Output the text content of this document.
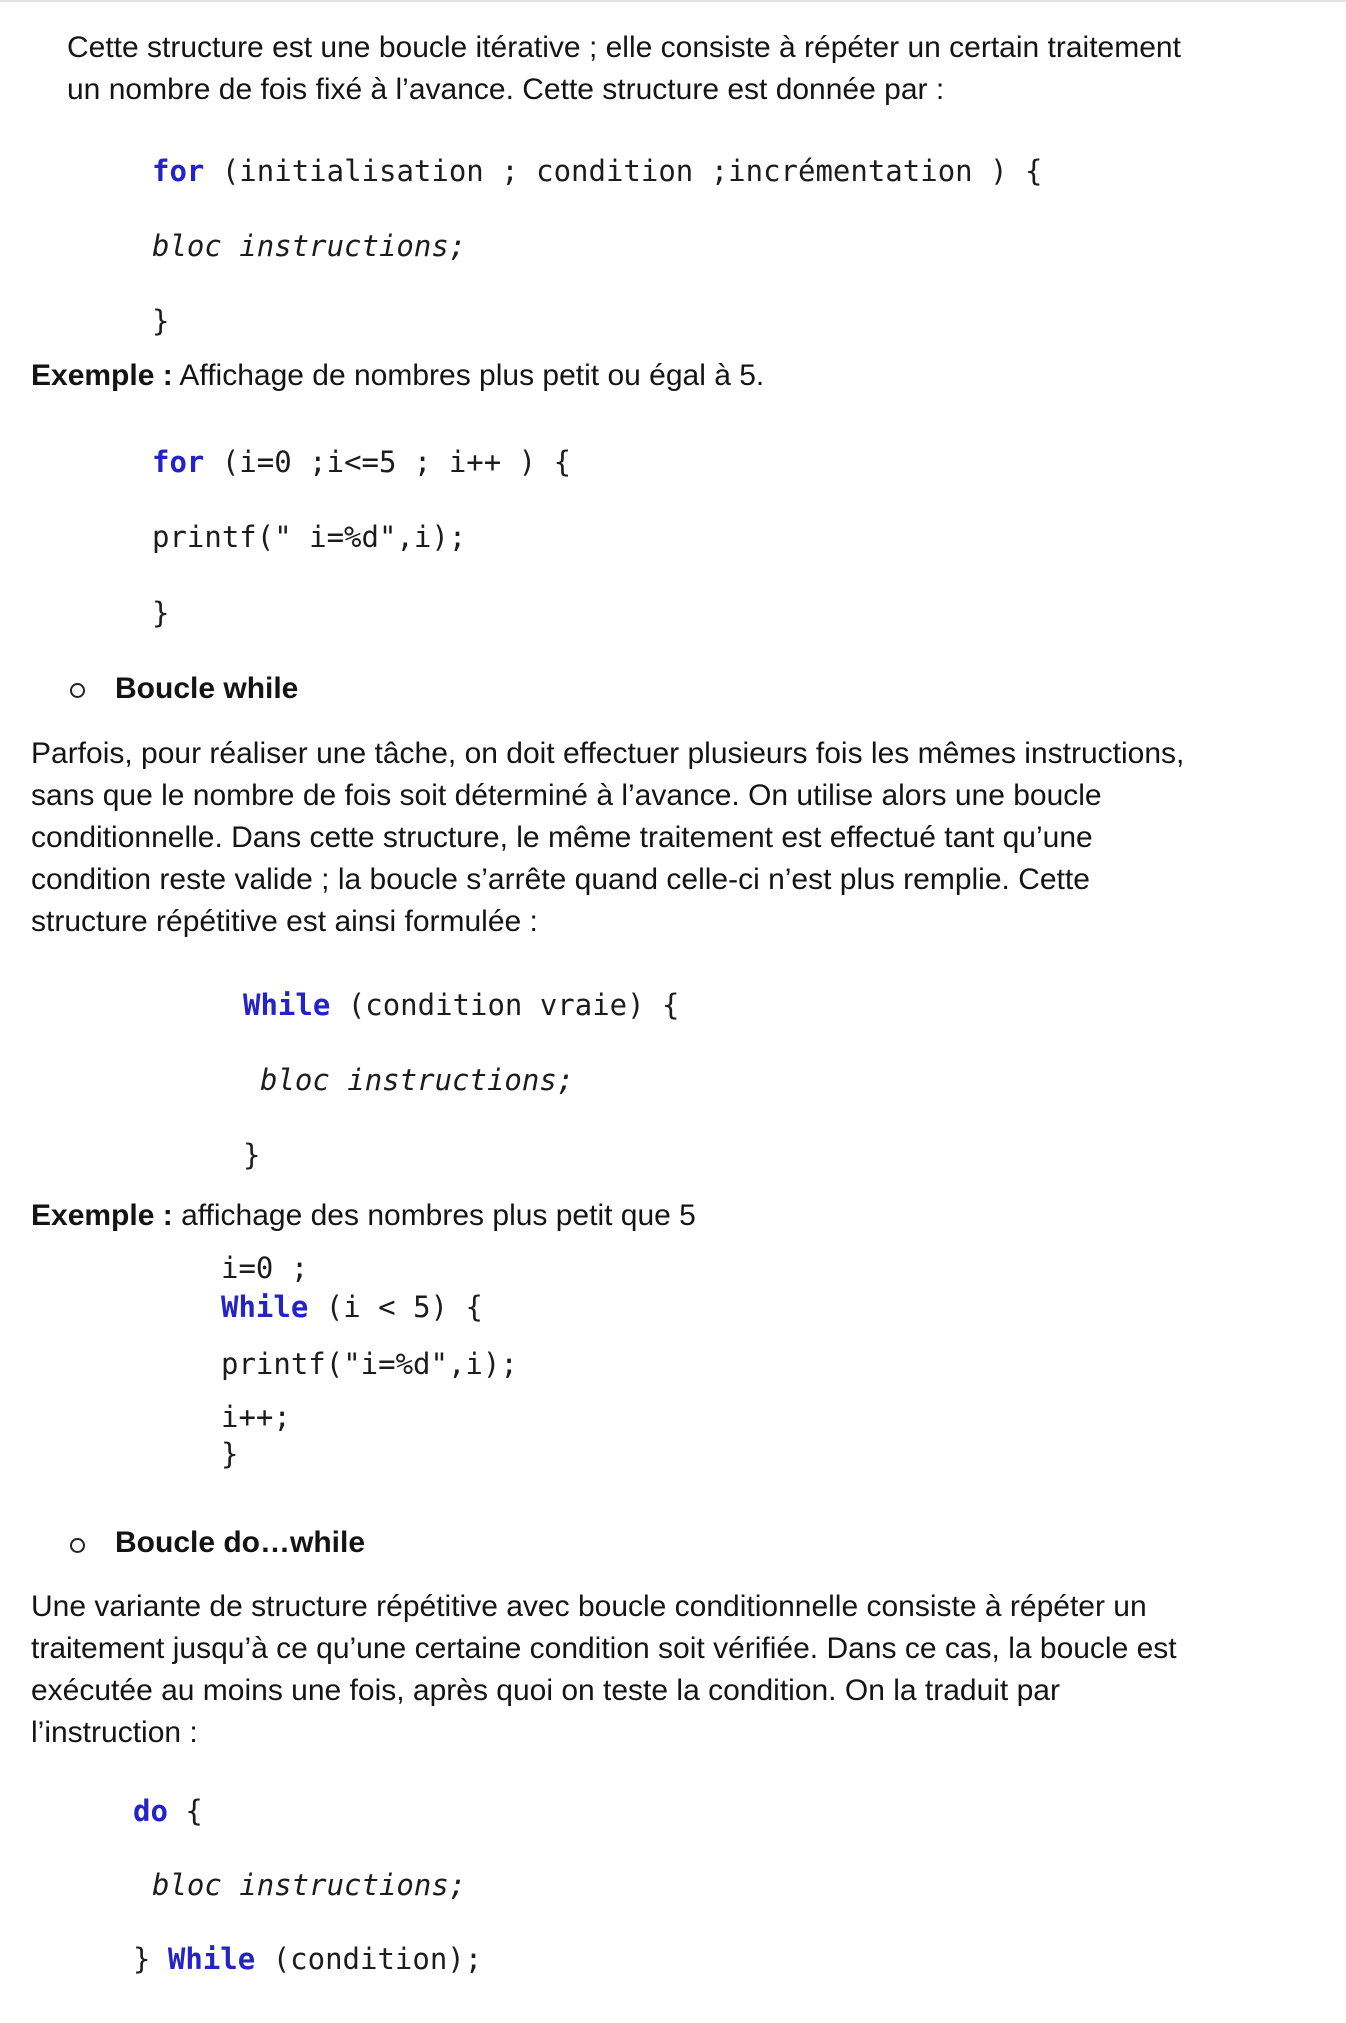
Cette structure est une boucle itérative ; elle consiste à répéter un certain traitement
un nombre de fois fixé à l’avance. Cette structure est donnée par :
for (initialisation ; condition ;incrémentation ) {
bloc instructions;
}
Exemple : Affichage de nombres plus petit ou égal à 5.
for (i=0 ;i<=5 ; i++ ) {
printf(" i=%d",i);
}
Boucle while
Parfois, pour réaliser une tâche, on doit effectuer plusieurs fois les mêmes instructions,
sans que le nombre de fois soit déterminé à l’avance. On utilise alors une boucle
conditionnelle. Dans cette structure, le même traitement est effectué tant qu’une
condition reste valide ; la boucle s’arrête quand celle-ci n’est plus remplie. Cette
structure répétitive est ainsi formulée :
While (condition vraie) {
bloc instructions;
}
Exemple : affichage des nombres plus petit que 5
i=0 ;
While (i < 5) {
printf("i=%d",i);
i++;
}
Boucle do…while
Une variante de structure répétitive avec boucle conditionnelle consiste à répéter un
traitement jusqu’à ce qu’une certaine condition soit vérifiée. Dans ce cas, la boucle est
exécutée au moins une fois, après quoi on teste la condition. On la traduit par
l’instruction :
do {
bloc instructions;
} While (condition);
